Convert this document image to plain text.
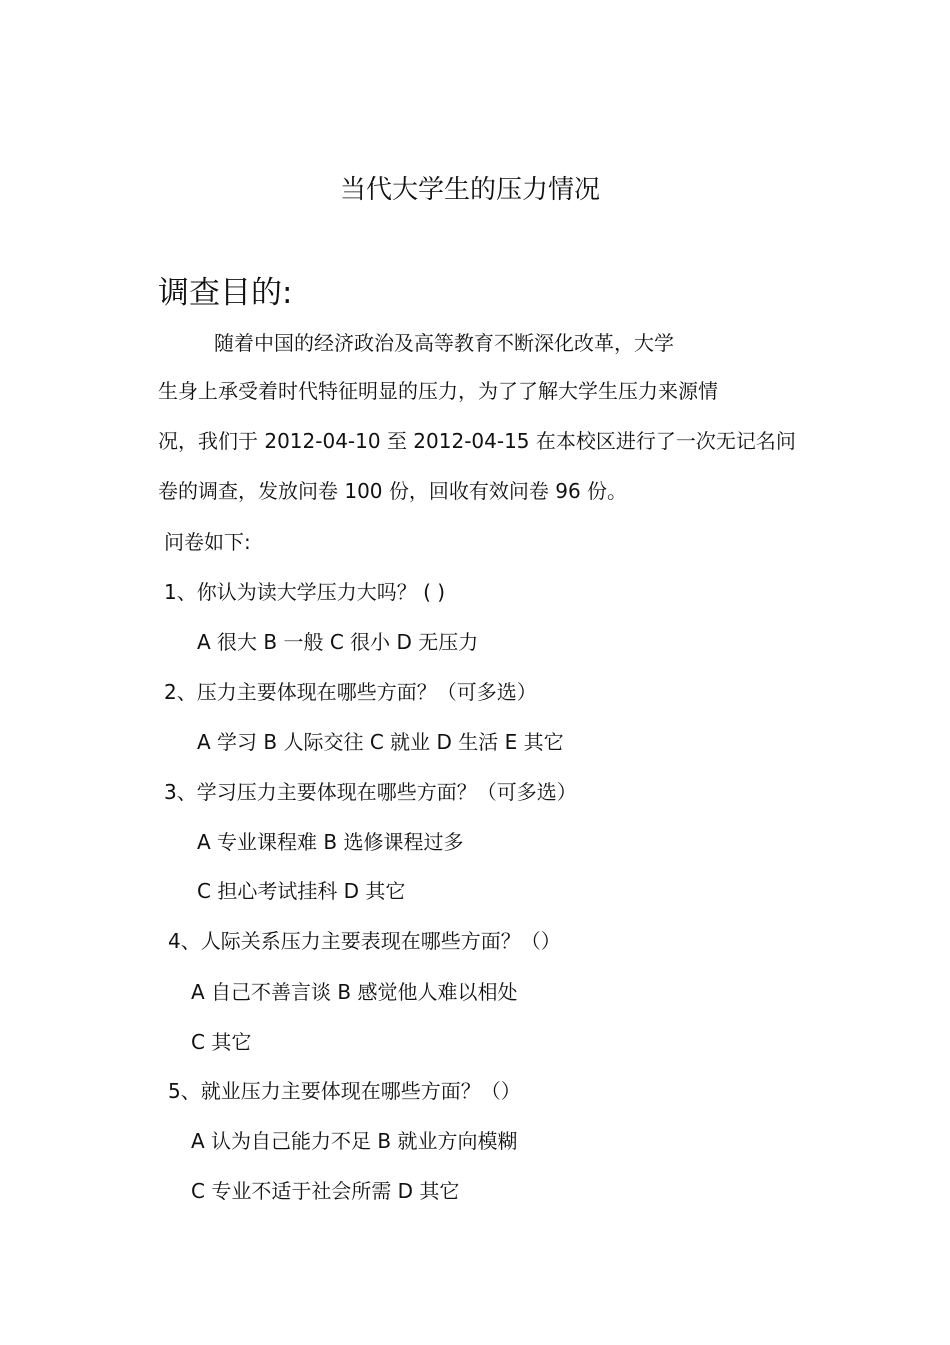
当代大学生的压力情况
调查目的:
随着中国的经济政治及高等教育不断深化改革，大学
生身上承受着时代特征明显的压力，为了了解大学生压力来源情
况，我们于 2012-04-10 至 2012-04-15 在本校区进行了一次无记名问
卷的调查，发放问卷 100 份，回收有效问卷 96 份。
问卷如下:
1、你认为读大学压力大吗？ ( )
A 很大 B 一般 C 很小 D 无压力
2、压力主要体现在哪些方面？（可多选）
A 学习 B 人际交往 C 就业 D 生活 E 其它
3、学习压力主要体现在哪些方面？（可多选）
A 专业课程难 B 选修课程过多
C 担心考试挂科 D 其它
4、人际关系压力主要表现在哪些方面？（）
A 自己不善言谈 B 感觉他人难以相处
C 其它
5、就业压力主要体现在哪些方面？（）
A 认为自己能力不足 B 就业方向模糊
C 专业不适于社会所需 D 其它
